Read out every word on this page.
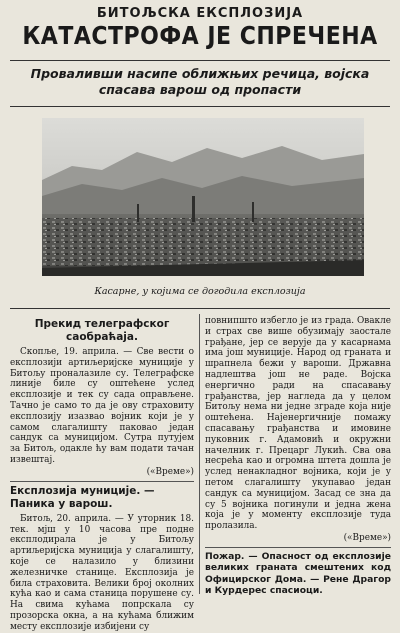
БИТОЉСКА ЕКСПЛОЗИЈА
КАТАСТРОФА ЈЕ СПРЕЧЕНА
Проваливши насипе оближњих речица, војска
спасава варош од пропасти
Касарне, у којима се догодила експлозија
Прекид телеграфског саобраћаја.

Скопље, 19. априла. — Све вести о експлозији артиљеријске муниције у Битољу проналазиле су. Телеграфске линије биле су оштећене услед експлозије и тек су сада оправљене. Тачно је само то да је ову страховиту експлозију изазвао војник који је у самом слагалишту паковао један сандук са муницијом. Сутра путујем за Битољ, одакле ћу вам подати тачан извештај.

(«Време»)
Експлозија муниције. — Паника у варош.

Битољ, 20. априла. — У уторник 18. тек. мјш у 10 часова пре подне експлодирала је у Битољу артиљеријска муниција у слагалишту, које се налазило у близини железничке станице. Експлозија је била страховита. Велики број околних кућа као и сама станица порушене су. На свима кућама попрскала су прозорска окна, а на кућама ближим месту експлозије избијени су

повнипшто избегло је из града. Оваклe и страх све више обузимају заосталe грађане, јер се верује да у касарнама има још муниције. Народ од граната и шрапнела бежи у вароши. Државна надлештва још не раде. Војска енергично ради на спасавању грађанства, јер нагледа да у целом Битољу нема ни једне зграде која није оштећена. Најенергичније помажу спасавању грађанства и имовине пуковник г. Адамовић и окружни начелник г. Прецарг Лукић. Сва ова несрећа као и огромна штета дошла је услед ненаклaдног војника, који је у петом слагалишту укупавао један сандук са муницијом. Засад се зна да су 5 војника погинули и једна жена која је у моменту експлозије туда пролазила.

(«Време»)

Пожар. — Опасност од експлозије великих граната смештених код Официрског Дома. — Рене Драгор и Курдерес спасиоци.
